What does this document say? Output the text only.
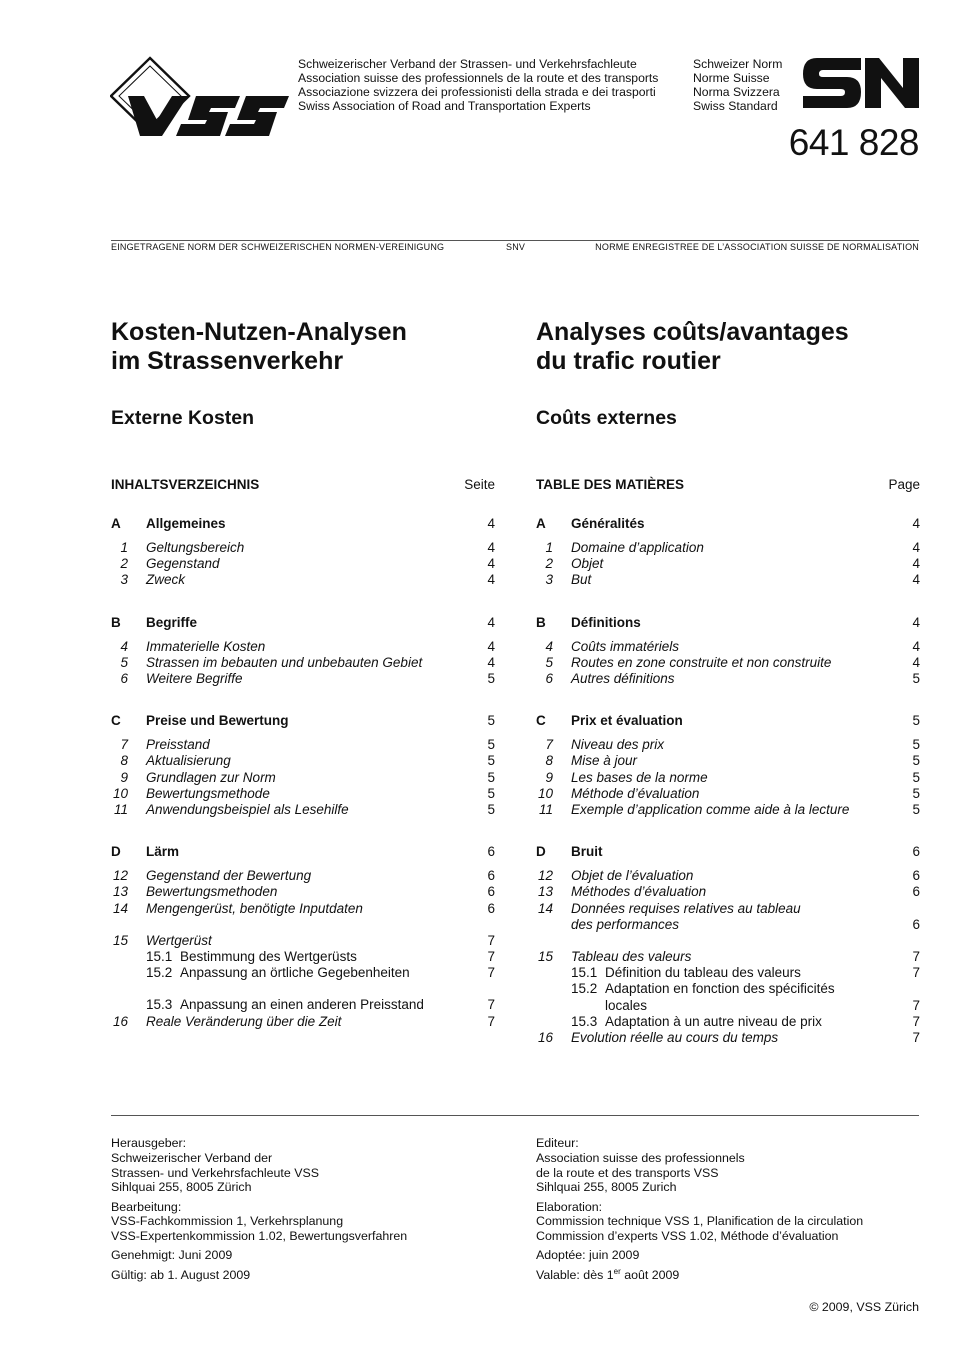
Schweizerischer Verband der Strassen- und Verkehrsfachleute
Association suisse des professionnels de la route et des transports
Associazione svizzera dei professionisti della strada e dei trasporti
Swiss Association of Road and Transportation Experts
Schweizer Norm
Norme Suisse
Norma Svizzera
Swiss Standard
641 828
EINGETRAGENE NORM DER SCHWEIZERISCHEN NORMEN-VEREINIGUNG	SNV	NORME ENREGISTREE DE L’ASSOCIATION SUISSE DE NORMALISATION
Kosten-Nutzen-Analysen
im Strassenverkehr
Analyses coûts/avantages
du trafic routier
Externe Kosten	Coûts externes
INHALTSVERZEICHNIS	Seite
A Allgemeines	4
1 Geltungsbereich	4
2 Gegenstand	4
3 Zweck	4
B Begriffe	4
4 Immaterielle Kosten	4
5 Strassen im bebauten und unbebauten Gebiet	4
6 Weitere Begriffe	5
C Preise und Bewertung	5
7 Preisstand	5
8 Aktualisierung	5
9 Grundlagen zur Norm	5
10 Bewertungsmethode	5
11 Anwendungsbeispiel als Lesehilfe	5
D Lärm	6
12 Gegenstand der Bewertung	6
13 Bewertungsmethoden	6
14 Mengengerüst, benötigte Inputdaten	6
15 Wertgerüst	7
15.1 Bestimmung des Wertgerüsts	7
15.2 Anpassung an örtliche Gegebenheiten	7
15.3 Anpassung an einen anderen Preisstand	7
16 Reale Veränderung über die Zeit	7
TABLE DES MATIÈRES	Page
A Généralités	4
1 Domaine d’application	4
2 Objet	4
3 But	4
B Définitions	4
4 Coûts immatériels	4
5 Routes en zone construite et non construite	4
6 Autres définitions	5
C Prix et évaluation	5
7 Niveau des prix	5
8 Mise à jour	5
9 Les bases de la norme	5
10 Méthode d’évaluation	5
11 Exemple d’application comme aide à la lecture	5
D Bruit	6
12 Objet de l’évaluation	6
13 Méthodes d’évaluation	6
14 Données requises relatives au tableau
des performances	6
15 Tableau des valeurs	7
15.1 Définition du tableau des valeurs	7
15.2 Adaptation en fonction des spécificités
locales	7
15.3 Adaptation à un autre niveau de prix	7
16 Evolution réelle au cours du temps	7

Herausgeber:
Schweizerischer Verband der
Strassen- und Verkehrsfachleute VSS
Sihlquai 255, 8005 Zürich

Bearbeitung:
VSS-Fachkommission 1, Verkehrsplanung
VSS-Expertenkommission 1.02, Bewertungsverfahren

Genehmigt: Juni 2009

Gültig: ab 1. August 2009

Editeur:
Association suisse des professionnels
de la route et des transports VSS
Sihlquai 255, 8005 Zurich

Elaboration:
Commission technique VSS 1, Planification de la circulation
Commission d’experts VSS 1.02, Méthode d’évaluation

Adoptée: juin 2009

Valable: dès 1er août 2009

© 2009, VSS Zürich
